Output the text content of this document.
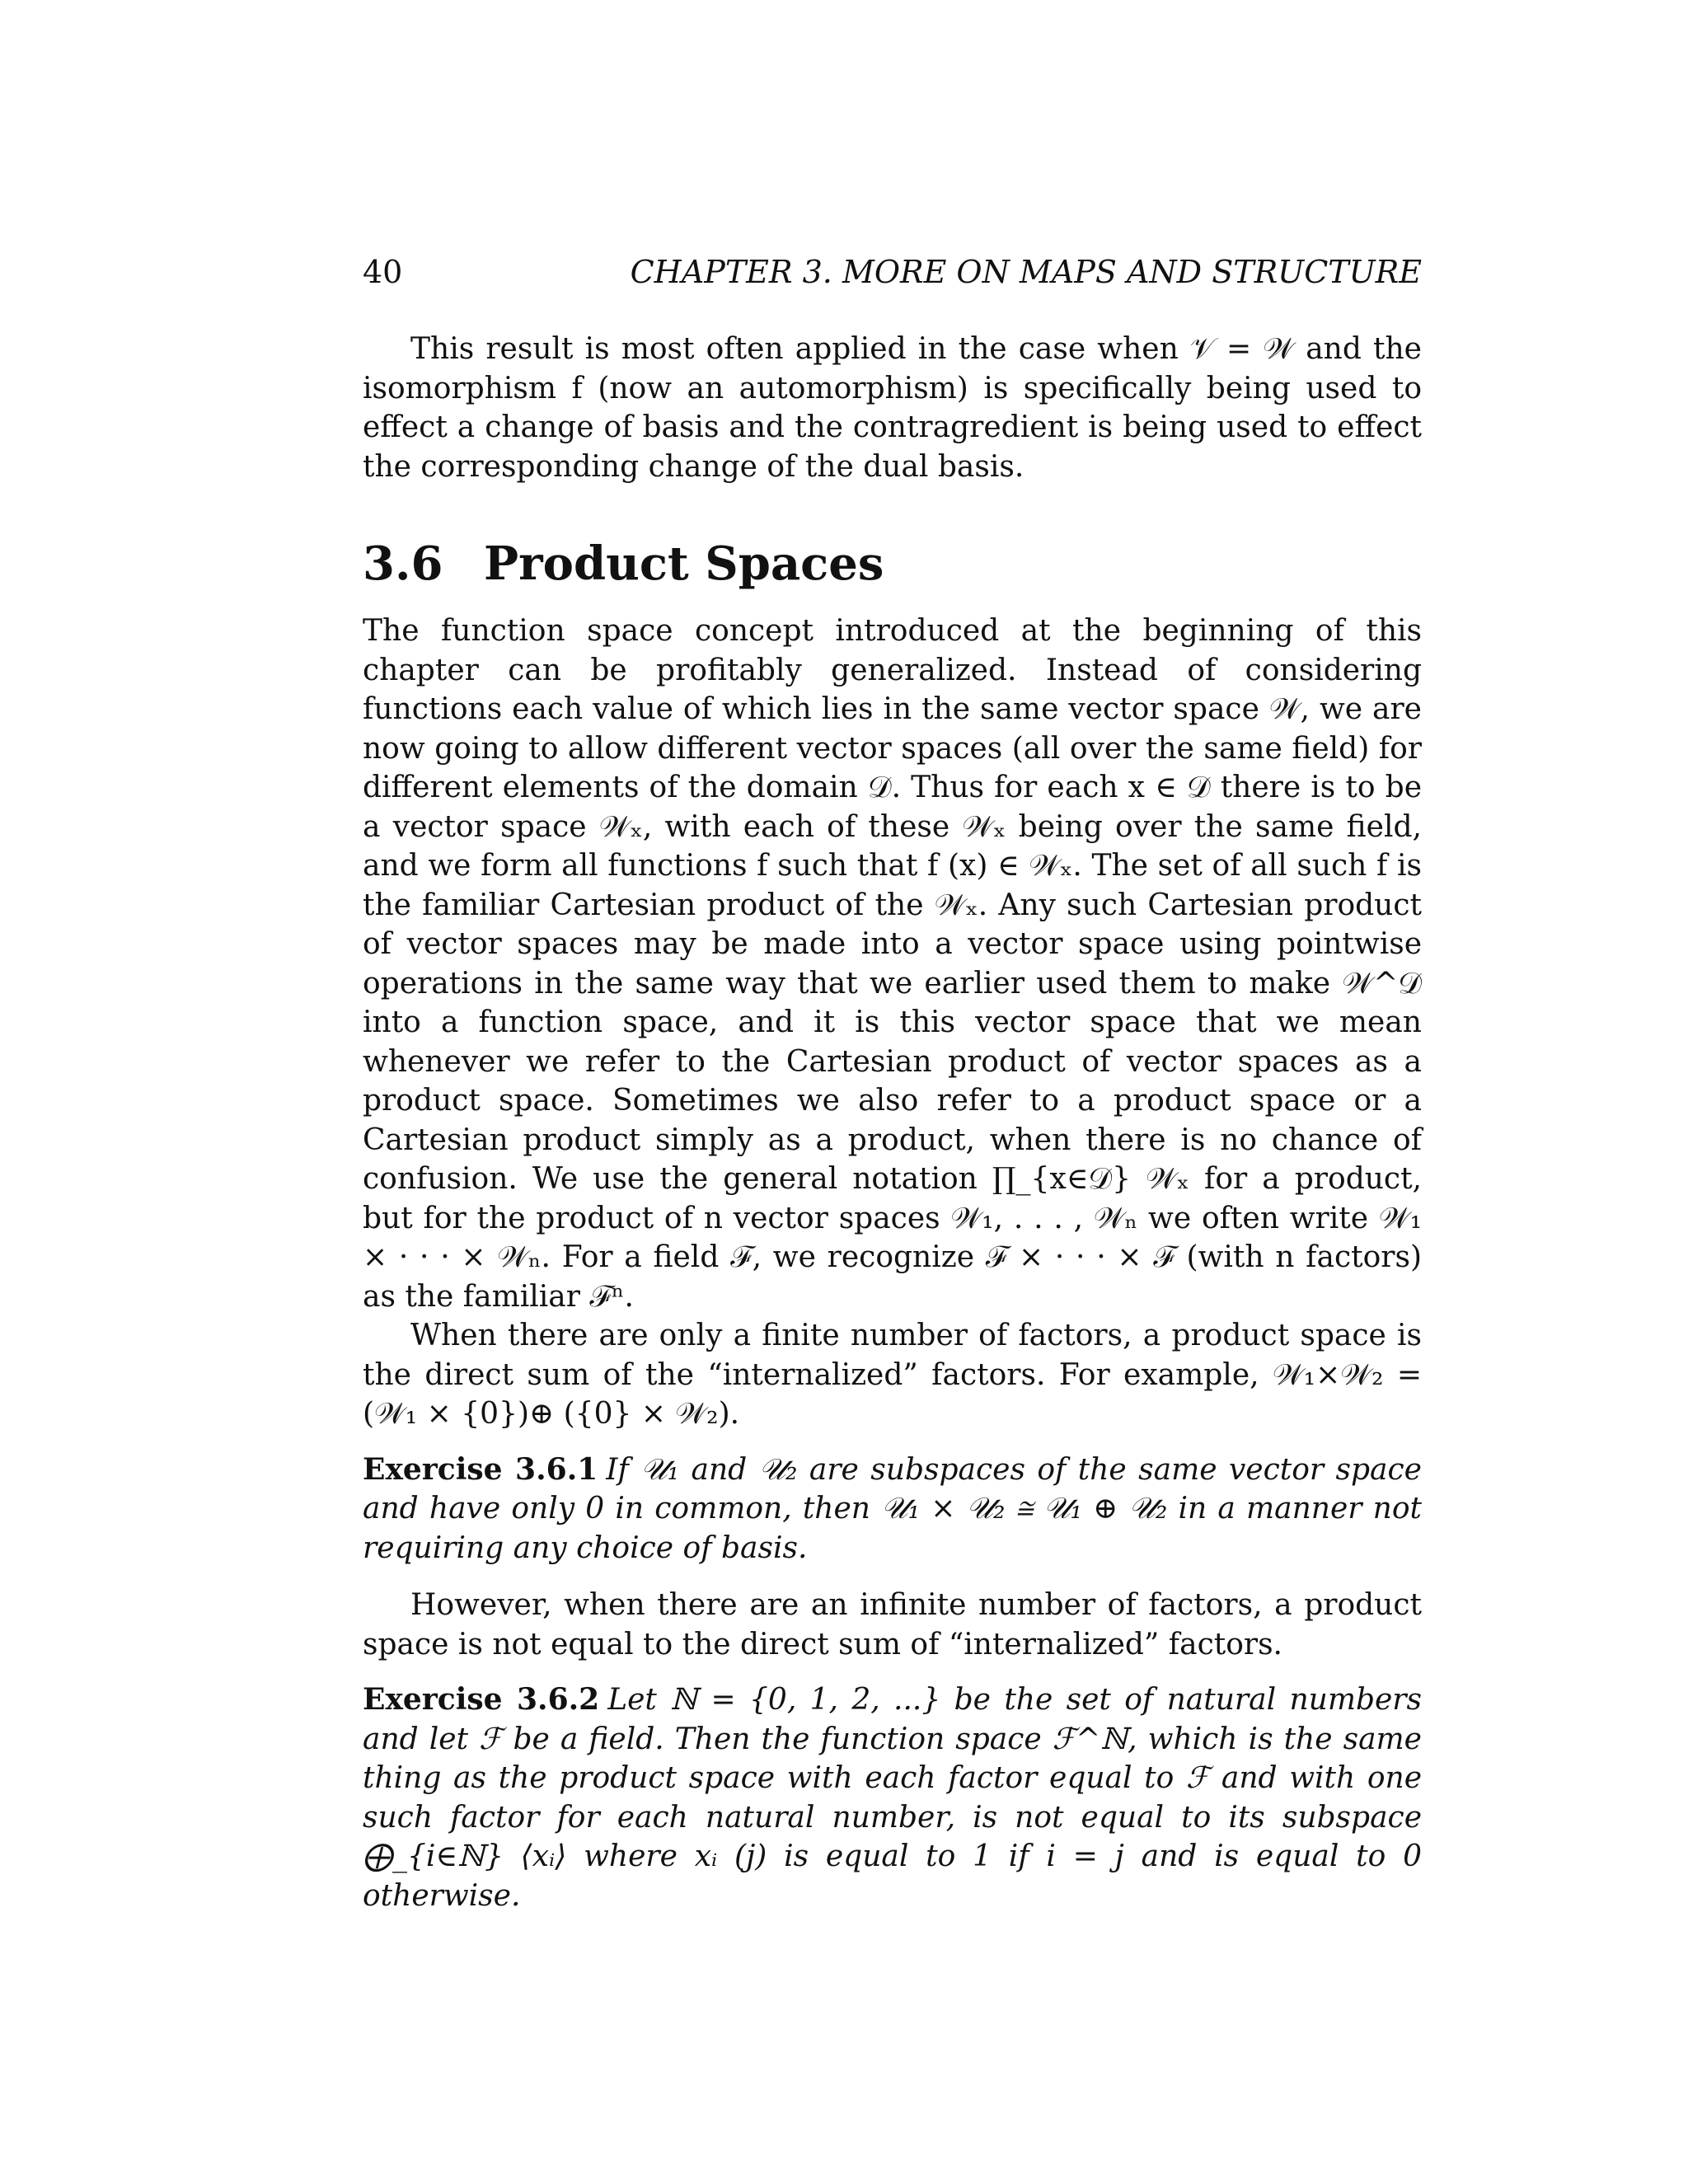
40	CHAPTER 3. MORE ON MAPS AND STRUCTURE

This result is most often applied in the case when 𝒱 = 𝒲 and the isomorphism f (now an automorphism) is specifically being used to effect a change of basis and the contragredient is being used to effect the corresponding change of the dual basis.

3.6 Product Spaces

The function space concept introduced at the beginning of this chapter can be profitably generalized. Instead of considering functions each value of which lies in the same vector space 𝒲, we are now going to allow different vector spaces (all over the same field) for different elements of the domain 𝒟. Thus for each x ∈ 𝒟 there is to be a vector space 𝒲ₓ, with each of these 𝒲ₓ being over the same field, and we form all functions f such that f (x) ∈ 𝒲ₓ. The set of all such f is the familiar Cartesian product of the 𝒲ₓ. Any such Cartesian product of vector spaces may be made into a vector space using pointwise operations in the same way that we earlier used them to make 𝒲^𝒟 into a function space, and it is this vector space that we mean whenever we refer to the Cartesian product of vector spaces as a product space. Sometimes we also refer to a product space or a Cartesian product simply as a product, when there is no chance of confusion. We use the general notation ∏_{x∈𝒟} 𝒲ₓ for a product, but for the product of n vector spaces 𝒲₁, . . . , 𝒲ₙ we often write 𝒲₁ × · · · × 𝒲ₙ. For a field ℱ, we recognize ℱ × · · · × ℱ (with n factors) as the familiar ℱⁿ.

When there are only a finite number of factors, a product space is the direct sum of the “internalized” factors. For example, 𝒲₁×𝒲₂ = (𝒲₁ × {0})⊕ ({0} × 𝒲₂).

Exercise 3.6.1 If 𝒰₁ and 𝒰₂ are subspaces of the same vector space and have only 0 in common, then 𝒰₁ × 𝒰₂ ≅ 𝒰₁ ⊕ 𝒰₂ in a manner not requiring any choice of basis.

However, when there are an infinite number of factors, a product space is not equal to the direct sum of “internalized” factors.

Exercise 3.6.2 Let ℕ = {0, 1, 2, ...} be the set of natural numbers and let ℱ be a field. Then the function space ℱ^ℕ, which is the same thing as the product space with each factor equal to ℱ and with one such factor for each natural number, is not equal to its subspace ⨁_{i∈ℕ} ⟨xᵢ⟩ where xᵢ (j) is equal to 1 if i = j and is equal to 0 otherwise.
